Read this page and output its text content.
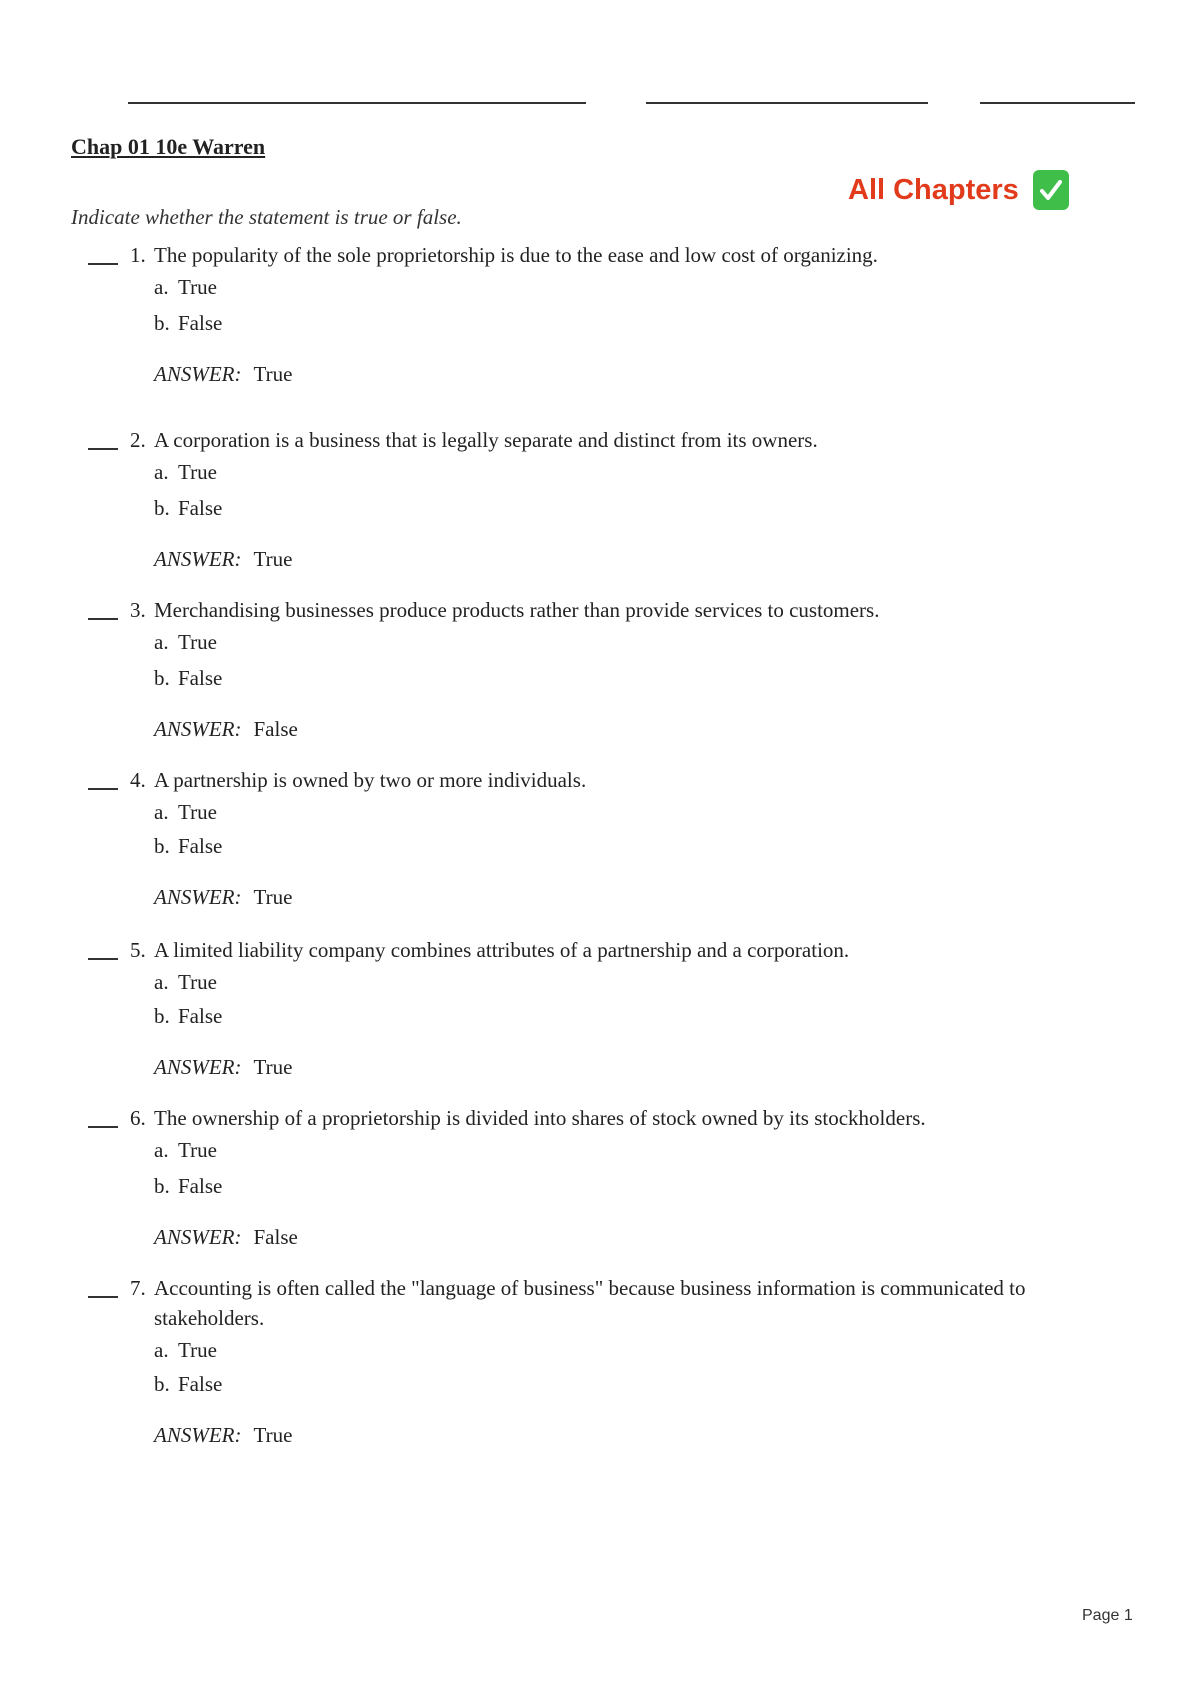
Chap 01 10e Warren
All Chapters

Indicate whether the statement is true or false.

1. The popularity of the sole proprietorship is due to the ease and low cost of organizing.
a. True
b. False
ANSWER: True
2. A corporation is a business that is legally separate and distinct from its owners.
a. True
b. False
ANSWER: True
3. Merchandising businesses produce products rather than provide services to customers.
a. True
b. False
ANSWER: False
4. A partnership is owned by two or more individuals.
a. True
b. False
ANSWER: True
5. A limited liability company combines attributes of a partnership and a corporation.
a. True
b. False
ANSWER: True
6. The ownership of a proprietorship is divided into shares of stock owned by its stockholders.
a. True
b. False
ANSWER: False
7. Accounting is often called the "language of business" because business information is communicated to stakeholders.
a. True
b. False
ANSWER: True
Page 1
